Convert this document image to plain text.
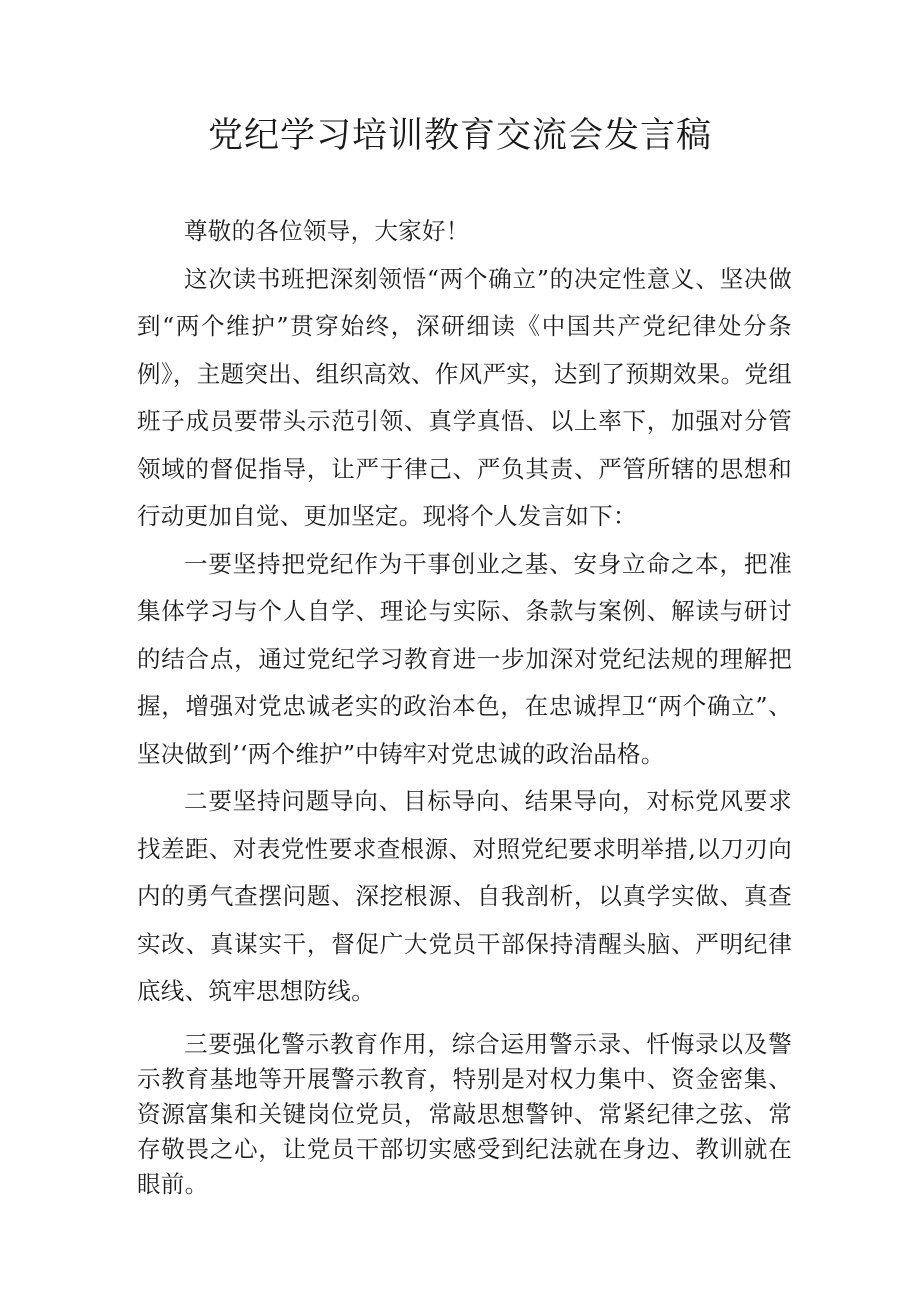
党纪学习培训教育交流会发言稿

尊敬的各位领导，大家好！

这次读书班把深刻领悟“两个确立”的决定性意义、坚决做到“两个维护”贯穿始终，深研细读《中国共产党纪律处分条例》，主题突出、组织高效、作风严实，达到了预期效果。党组班子成员要带头示范引领、真学真悟、以上率下，加强对分管领域的督促指导，让严于律己、严负其责、严管所辖的思想和行动更加自觉、更加坚定。现将个人发言如下：

一要坚持把党纪作为干事创业之基、安身立命之本，把准集体学习与个人自学、理论与实际、条款与案例、解读与研讨的结合点，通过党纪学习教育进一步加深对党纪法规的理解把握，增强对党忠诚老实的政治本色，在忠诚捍卫“两个确立”、坚决做到’‘两个维护”中铸牢对党忠诚的政治品格。

二要坚持问题导向、目标导向、结果导向，对标党风要求找差距、对表党性要求查根源、对照党纪要求明举措,以刀刃向内的勇气查摆问题、深挖根源、自我剖析，以真学实做、真查实改、真谋实干，督促广大党员干部保持清醒头脑、严明纪律底线、筑牢思想防线。

三要强化警示教育作用，综合运用警示录、忏悔录以及警示教育基地等开展警示教育，特别是对权力集中、资金密集、资源富集和关键岗位党员，常敲思想警钟、常紧纪律之弦、常存敬畏之心，让党员干部切实感受到纪法就在身边、教训就在眼前。
